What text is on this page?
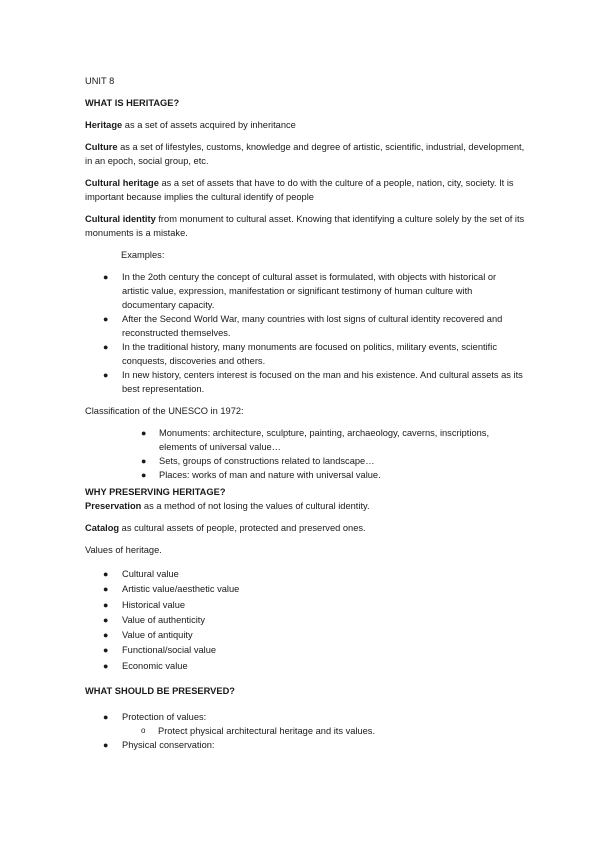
UNIT 8

WHAT IS HERITAGE?

Heritage as a set of assets acquired by inheritance

Culture as a set of lifestyles, customs, knowledge and degree of artistic, scientific, industrial, development, in an epoch, social group, etc.

Cultural heritage as a set of assets that have to do with the culture of a people, nation, city, society. It is important because implies the cultural identify of people

Cultural identity from monument to cultural asset. Knowing that identifying a culture solely by the set of its monuments is a mistake.

Examples:

● In the 2oth century the concept of cultural asset is formulated, with objects with historical or artistic value, expression, manifestation or significant testimony of human culture with documentary capacity.
● After the Second World War, many countries with lost signs of cultural identity recovered and reconstructed themselves.
● In the traditional history, many monuments are focused on politics, military events, scientific conquests, discoveries and others.
● In new history, centers interest is focused on the man and his existence. And cultural assets as its best representation.

Classification of the UNESCO in 1972:

● Monuments: architecture, sculpture, painting, archaeology, caverns, inscriptions, elements of universal value…
● Sets, groups of constructions related to landscape…
● Places: works of man and nature with universal value.

WHY PRESERVING HERITAGE?

Preservation as a method of not losing the values of cultural identity.

Catalog as cultural assets of people, protected and preserved ones.

Values of heritage.

● Cultural value
● Artistic value/aesthetic value
● Historical value
● Value of authenticity
● Value of antiquity
● Functional/social value
● Economic value

WHAT SHOULD BE PRESERVED?

● Protection of values:
o Protect physical architectural heritage and its values.
● Physical conservation:
